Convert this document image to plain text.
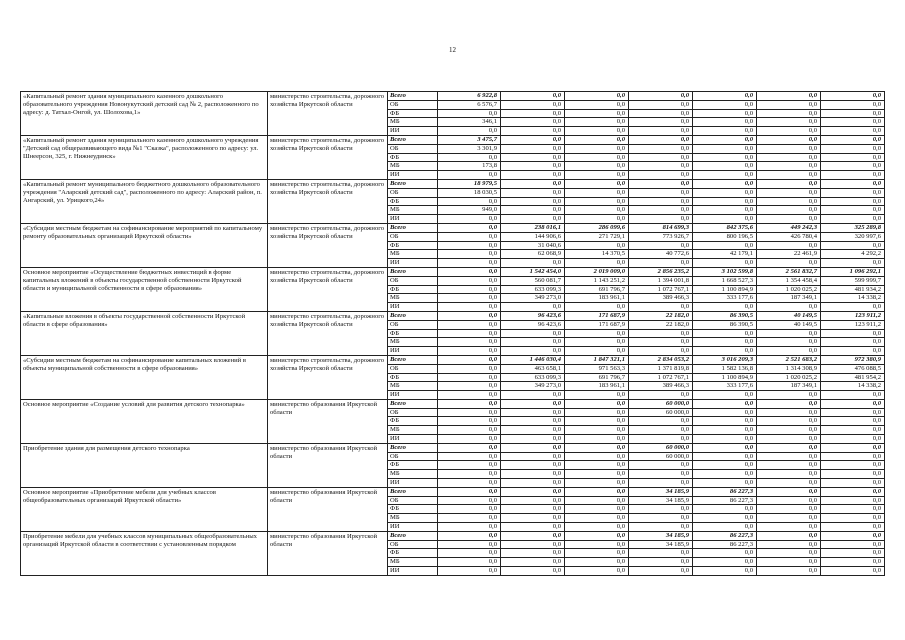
12
«Капитальный ремонт здания муниципального казенного дошкольного образовательного учреждения Новонукутский детский сад № 2, расположенного по адресу: д. Татхал-Онгой, ул. Шолохова,1»	министерство строительства, дорожного хозяйства Иркутской области	Всего	6 922,8	0,0	0,0	0,0	0,0	0,0	0,0
		ОБ	6 576,7	0,0	0,0	0,0	0,0	0,0	0,0
		ФБ	0,0	0,0	0,0	0,0	0,0	0,0	0,0
		МБ	346,1	0,0	0,0	0,0	0,0	0,0	0,0
		ИИ	0,0	0,0	0,0	0,0	0,0	0,0	0,0
«Капитальный ремонт здания муниципального казенного дошкольного учреждения "Детский сад общеразвивающего вида №1 "Сказка", расположенного по адресу: ул. Шнеерсон, 325, г. Нижнеудинск»	министерство строительства, дорожного хозяйства Иркутской области	Всего	3 475,7	0,0	0,0	0,0	0,0	0,0	0,0
		ОБ	3 301,9	0,0	0,0	0,0	0,0	0,0	0,0
		ФБ	0,0	0,0	0,0	0,0	0,0	0,0	0,0
		МБ	173,8	0,0	0,0	0,0	0,0	0,0	0,0
		ИИ	0,0	0,0	0,0	0,0	0,0	0,0	0,0
«Капитальный ремонт муниципального бюджетного дошкольного образовательного учреждения "Аларский детский сад", расположенного по адресу: Аларский район, п. Ангарский, ул. Урицкого,24»	министерство строительства, дорожного хозяйства Иркутской области	Всего	18 979,5	0,0	0,0	0,0	0,0	0,0	0,0
		ОБ	18 030,5	0,0	0,0	0,0	0,0	0,0	0,0
		ФБ	0,0	0,0	0,0	0,0	0,0	0,0	0,0
		МБ	949,0	0,0	0,0	0,0	0,0	0,0	0,0
		ИИ	0,0	0,0	0,0	0,0	0,0	0,0	0,0
«Субсидии местным бюджетам на софинансирование мероприятий по капитальному ремонту образовательных организаций Иркутской области»	министерство строительства, дорожного хозяйства Иркутской области	Всего	0,0	238 016,1	286 099,6	814 699,3	842 375,6	449 242,3	325 289,8
		ОБ	0,0	144 906,6	271 729,1	773 926,7	800 196,5	426 780,4	320 997,6
		ФБ	0,0	31 040,6	0,0	0,0	0,0	0,0	0,0
		МБ	0,0	62 068,9	14 370,5	40 772,6	42 179,1	22 461,9	4 292,2
		ИИ	0,0	0,0	0,0	0,0	0,0	0,0	0,0
Основное мероприятие «Осуществление бюджетных инвестиций в форме капитальных вложений в объекты государственной собственности Иркутской области и муниципальной собственности в сфере образования»	министерство строительства, дорожного хозяйства Иркутской области	Всего	0,0	1 542 454,0	2 019 009,0	2 856 235,2	3 102 599,8	2 561 832,7	1 096 292,1
		ОБ	0,0	560 081,7	1 143 251,2	1 394 001,8	1 668 527,3	1 354 458,4	599 999,7
		ФБ	0,0	633 099,3	691 796,7	1 072 767,1	1 100 894,9	1 020 025,2	481 934,2
		МБ	0,0	349 273,0	183 961,1	389 466,3	333 177,6	187 349,1	14 338,2
		ИИ	0,0	0,0	0,0	0,0	0,0	0,0	0,0
«Капитальные вложения в объекты государственной собственности Иркутской области в сфере образования»	министерство строительства, дорожного хозяйства Иркутской области	Всего	0,0	96 423,6	171 687,9	22 182,0	86 390,5	40 149,5	123 911,2
		ОБ	0,0	96 423,6	171 687,9	22 182,0	86 390,5	40 149,5	123 911,2
		ФБ	0,0	0,0	0,0	0,0	0,0	0,0	0,0
		МБ	0,0	0,0	0,0	0,0	0,0	0,0	0,0
		ИИ	0,0	0,0	0,0	0,0	0,0	0,0	0,0
«Субсидии местным бюджетам на софинансирование капитальных вложений в объекты муниципальной собственности в сфере образования»	министерство строительства, дорожного хозяйства Иркутской области	Всего	0,0	1 446 030,4	1 847 321,1	2 834 053,2	3 016 209,3	2 521 683,2	972 380,9
		ОБ	0,0	463 658,1	971 563,3	1 371 819,8	1 582 136,8	1 314 308,9	476 088,5
		ФБ	0,0	633 099,3	691 796,7	1 072 767,1	1 100 894,9	1 020 025,2	481 954,2
		МБ	0,0	349 273,0	183 961,1	389 466,3	333 177,6	187 349,1	14 338,2
		ИИ	0,0	0,0	0,0	0,0	0,0	0,0	0,0
Основное мероприятие «Создание условий для развития детского технопарка»	министерство образования Иркутской области	Всего	0,0	0,0	0,0	60 000,0	0,0	0,0	0,0
		ОБ	0,0	0,0	0,0	60 000,0	0,0	0,0	0,0
		ФБ	0,0	0,0	0,0	0,0	0,0	0,0	0,0
		МБ	0,0	0,0	0,0	0,0	0,0	0,0	0,0
		ИИ	0,0	0,0	0,0	0,0	0,0	0,0	0,0
Приобретение здания для размещения детского технопарка	министерство образования Иркутской области	Всего	0,0	0,0	0,0	60 000,0	0,0	0,0	0,0
		ОБ	0,0	0,0	0,0	60 000,0	0,0	0,0	0,0
		ФБ	0,0	0,0	0,0	0,0	0,0	0,0	0,0
		МБ	0,0	0,0	0,0	0,0	0,0	0,0	0,0
		ИИ	0,0	0,0	0,0	0,0	0,0	0,0	0,0
Основное мероприятие «Приобретение мебели для учебных классов общеобразовательных организаций Иркутской области»	министерство образования Иркутской области	Всего	0,0	0,0	0,0	34 185,9	86 227,3	0,0	0,0
		ОБ	0,0	0,0	0,0	34 185,9	86 227,3	0,0	0,0
		ФБ	0,0	0,0	0,0	0,0	0,0	0,0	0,0
		МБ	0,0	0,0	0,0	0,0	0,0	0,0	0,0
		ИИ	0,0	0,0	0,0	0,0	0,0	0,0	0,0
Приобретение мебели для учебных классов муниципальных общеобразовательных организаций Иркутской области в соответствии с установленным порядком	министерство образования Иркутской области	Всего	0,0	0,0	0,0	34 185,9	86 227,3	0,0	0,0
		ОБ	0,0	0,0	0,0	34 185,9	86 227,3	0,0	0,0
		ФБ	0,0	0,0	0,0	0,0	0,0	0,0	0,0
		МБ	0,0	0,0	0,0	0,0	0,0	0,0	0,0
		ИИ	0,0	0,0	0,0	0,0	0,0	0,0	0,0
